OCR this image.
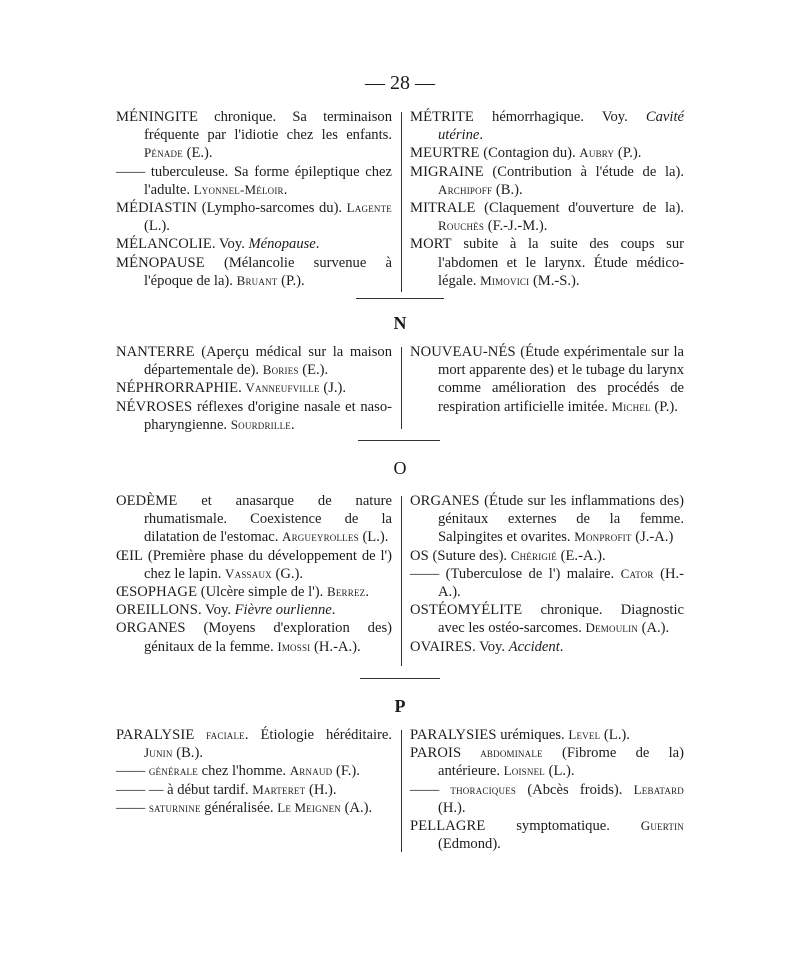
— 28 —

MÉNINGITE chronique. Sa terminaison fréquente par l'idiotie chez les enfants. Pénade (E.).

—— tuberculeuse. Sa forme épileptique chez l'adulte. Lyonnel-Méloir.

MÉDIASTIN (Lympho-sarcomes du). Lagente (L.).

MÉLANCOLIE. Voy. Ménopause.

MÉNOPAUSE (Mélancolie survenue à l'époque de la). Bruant (P.).

MÉTRITE hémorrhagique. Voy. Cavité utérine.

MEURTRE (Contagion du). Aubry (P.).

MIGRAINE (Contribution à l'étude de la). Archipoff (B.).

MITRALE (Claquement d'ouverture de la). Rouchès (F.-J.-M.).

MORT subite à la suite des coups sur l'abdomen et le larynx. Étude médico-légale. Mimovici (M.-S.).

N

NANTERRE (Aperçu médical sur la maison départementale de). Bories (E.).

NÉPHRORRAPHIE. Vanneufville (J.).

NÉVROSES réflexes d'origine nasale et naso-pharyngienne. Sourdrille.

NOUVEAU-NÉS (Étude expérimentale sur la mort apparente des) et le tubage du larynx comme amélioration des procédés de respiration artificielle imitée. Michel (P.).

O

OEDÈME et anasarque de nature rhumatismale. Coexistence de la dilatation de l'estomac. Argueyrolles (L.).

ŒIL (Première phase du développement de l') chez le lapin. Vassaux (G.).

ŒSOPHAGE (Ulcère simple de l'). Berrez.

OREILLONS. Voy. Fièvre ourlienne.

ORGANES (Moyens d'exploration des) génitaux de la femme. Imossi (H.-A.).

ORGANES (Étude sur les inflammations des) génitaux externes de la femme. Salpingites et ovarites. Monprofit (J.-A.)

OS (Suture des). Chérigié (E.-A.).

—— (Tuberculose de l') malaire. Cator (H.-A.).

OSTÉOMYÉLITE chronique. Diagnostic avec les ostéo-sarcomes. Demoulin (A.).

OVAIRES. Voy. Accident.

P

PARALYSIE faciale. Étiologie héréditaire. Junin (B.).

—— générale chez l'homme. Arnaud (F.).

—— — à début tardif. Marteret (H.).

—— saturnine généralisée. Le Meignen (A.).

PARALYSIES urémiques. Level (L.).

PAROIS abdominale (Fibrome de la) antérieure. Loisnel (L.).

—— thoraciques (Abcès froids). Lebatard (H.).

PELLAGRE symptomatique. Guertin (Edmond).
